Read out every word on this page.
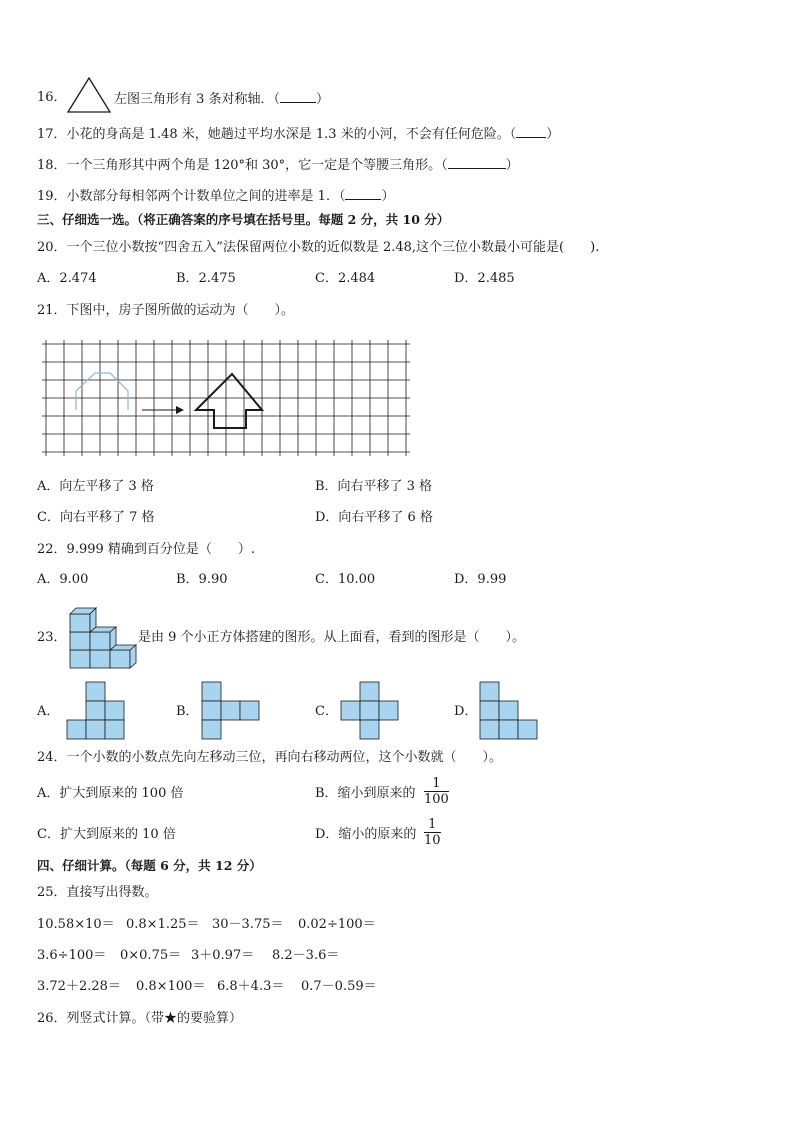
16．	左图三角形有 3 条对称轴．（	）
17．小花的身高是 1.48 米，她趟过平均水深是 1.3 米的小河，不会有任何危险。（ ）
18．一个三角形其中两个角是 120°和 30°，它一定是个等腰三角形。（	）
19．小数部分每相邻两个计数单位之间的进率是 1．（	）
三、仔细选一选。（将正确答案的序号填在括号里。每题 2 分，共 10 分）
20．一个三位小数按“四舍五入”法保留两位小数的近似数是 2.48,这个三位小数最小可能是(　　).
A．2.474	B．2.475	C．2.484	D．2.485
21．下图中，房子图所做的运动为（　　）。
A．向左平移了 3 格	B．向右平移了 3 格
C．向右平移了 7 格	D．向右平移了 6 格
22．9.999 精确到百分位是（　　）.
A．9.00	B．9.90	C．10.00	D．9.99
23．	是由 9 个小正方体搭建的图形。从上面看，看到的图形是（　　）。
A．	B．	C．	D．
24．一个小数的小数点先向左移动三位，再向右移动两位，这个小数就（　　）。
A．扩大到原来的 100 倍	B．缩小到原来的 $\frac{1}{100}$
C．扩大到原来的 10 倍	D．缩小的原来的 $\frac{1}{10}$
四、仔细计算。（每题 6 分，共 12 分）
25．直接写出得数。
10.58×10＝ 0.8×1.25＝ 30－3.75＝ 0.02÷100＝
3.6÷100＝ 0×0.75＝ 3＋0.97＝ 8.2－3.6＝
3.72＋2.28＝ 0.8×100＝ 6.8＋4.3＝ 0.7－0.59＝
26．列竖式计算。（带★的要验算）
